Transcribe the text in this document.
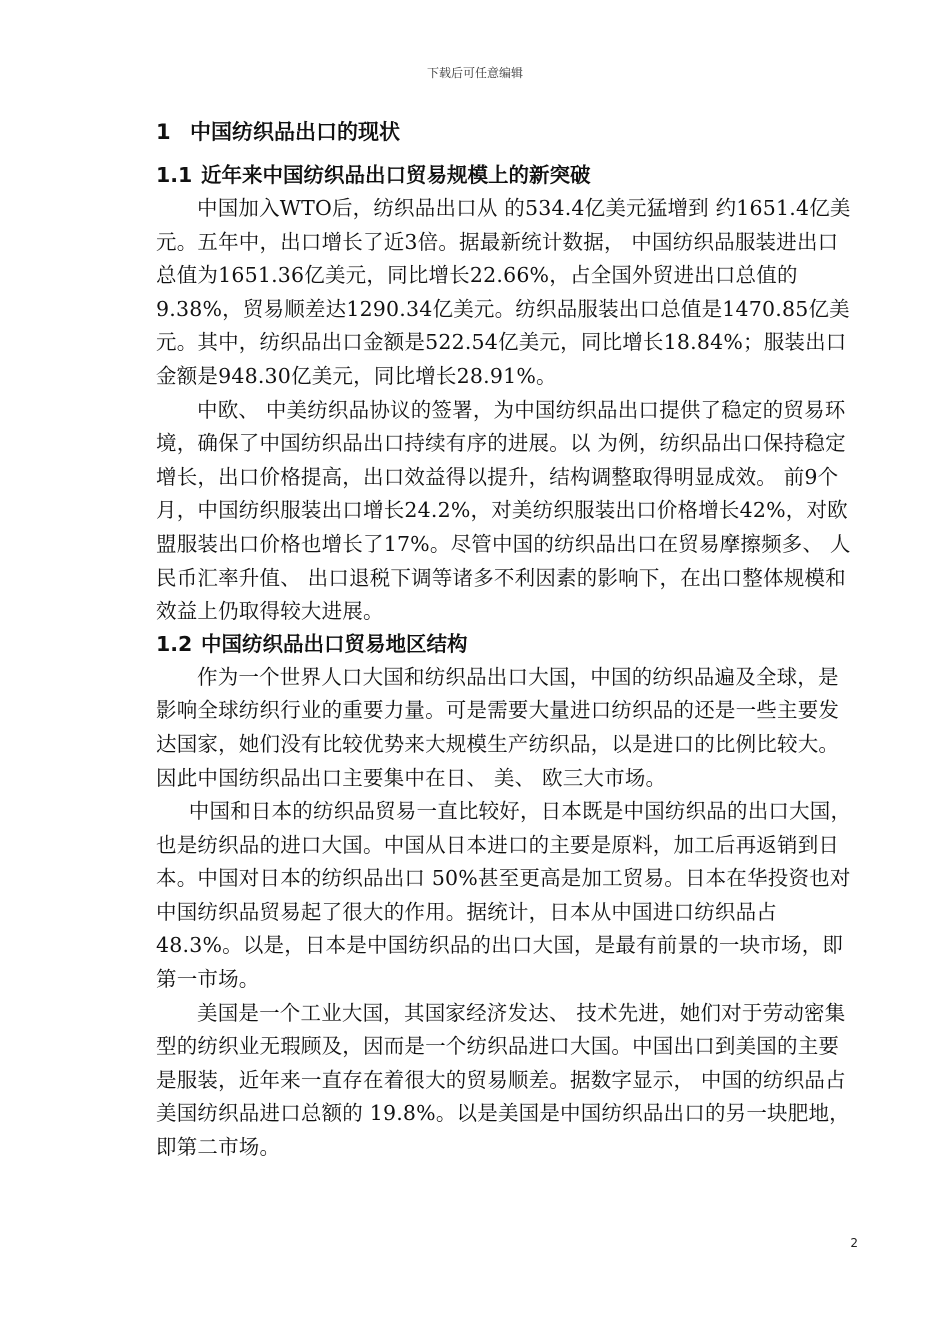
下载后可任意编辑
1 中国纺织品出口的现状
1.1 近年来中国纺织品出口贸易规模上的新突破

中国加入WTO后，纺织品出口从 的534.4亿美元猛增到 约1651.4亿美元。五年中，出口增长了近3倍。据最新统计数据， 中国纺织品服装进出口总值为1651.36亿美元，同比增长22.66%，占全国外贸进出口总值的9.38%，贸易顺差达1290.34亿美元。纺织品服装出口总值是1470.85亿美元。其中，纺织品出口金额是522.54亿美元，同比增长18.84%；服装出口金额是948.30亿美元，同比增长28.91%。

中欧、 中美纺织品协议的签署，为中国纺织品出口提供了稳定的贸易环境，确保了中国纺织品出口持续有序的进展。以 为例，纺织品出口保持稳定增长，出口价格提高，出口效益得以提升，结构调整取得明显成效。 前9个月，中国纺织服装出口增长24.2%，对美纺织服装出口价格增长42%，对欧盟服装出口价格也增长了17%。尽管中国的纺织品出口在贸易摩擦频多、 人民币汇率升值、 出口退税下调等诸多不利因素的影响下，在出口整体规模和效益上仍取得较大进展。

1.2 中国纺织品出口贸易地区结构

作为一个世界人口大国和纺织品出口大国，中国的纺织品遍及全球，是影响全球纺织行业的重要力量。可是需要大量进口纺织品的还是一些主要发达国家，她们没有比较优势来大规模生产纺织品，以是进口的比例比较大。因此中国纺织品出口主要集中在日、 美、 欧三大市场。

中国和日本的纺织品贸易一直比较好，日本既是中国纺织品的出口大国，也是纺织品的进口大国。中国从日本进口的主要是原料，加工后再返销到日本。中国对日本的纺织品出口 50%甚至更高是加工贸易。日本在华投资也对中国纺织品贸易起了很大的作用。据统计，日本从中国进口纺织品占 48.3%。以是，日本是中国纺织品的出口大国，是最有前景的一块市场，即第一市场。

美国是一个工业大国，其国家经济发达、 技术先进，她们对于劳动密集型的纺织业无瑕顾及，因而是一个纺织品进口大国。中国出口到美国的主要是服装，近年来一直存在着很大的贸易顺差。据数字显示， 中国的纺织品占美国纺织品进口总额的 19.8%。以是美国是中国纺织品出口的另一块肥地，即第二市场。

2
